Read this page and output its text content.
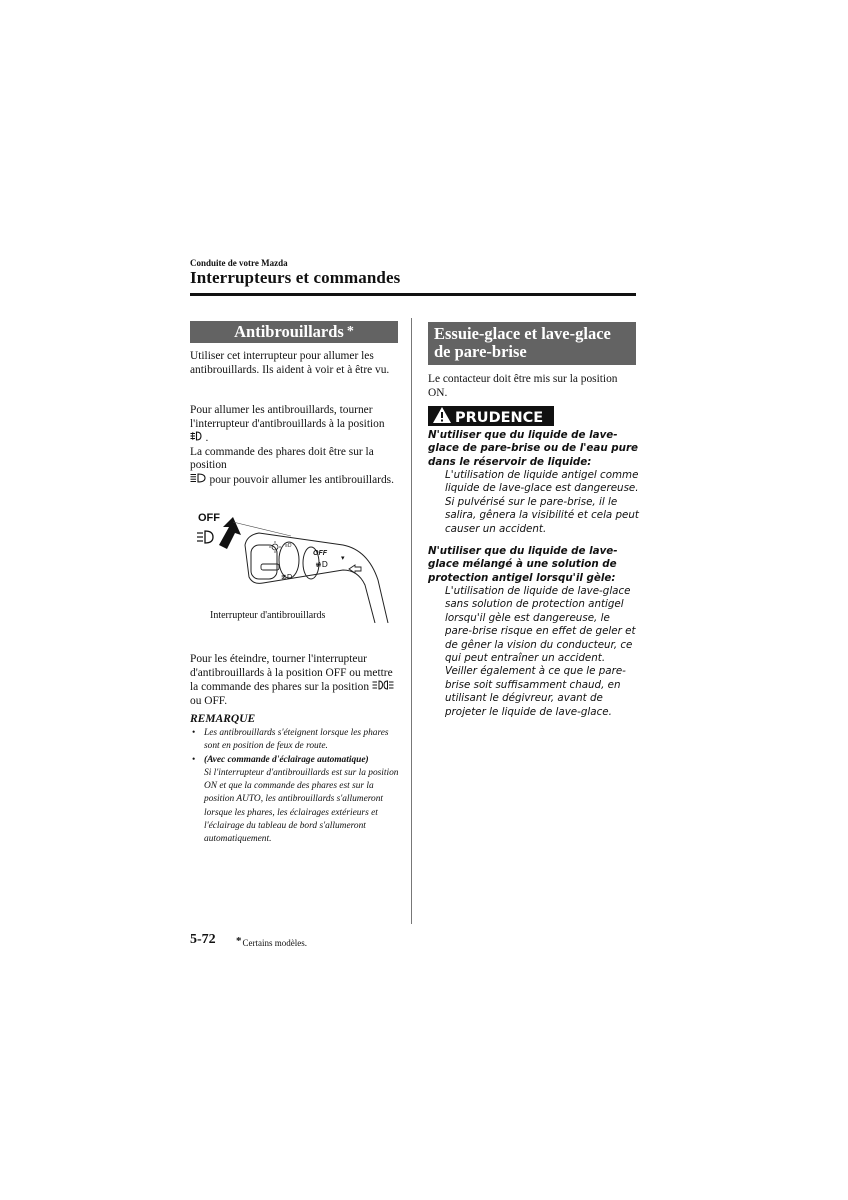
Conduite de votre Mazda
Interrupteurs et commandes
Antibrouillards *
Utiliser cet interrupteur pour allumer les antibrouillards. Ils aident à voir et à être vu.
Pour allumer les antibrouillards, tourner l'interrupteur d'antibrouillards à la position
.
La commande des phares doit être sur la position
pour pouvoir allumer les antibrouillards.
OFF
≡D
OFF
≢D
≢D
▾
Interrupteur d'antibrouillards
Pour les éteindre, tourner l'interrupteur d'antibrouillards à la position OFF ou mettre la commande des phares sur la position  ou OFF.
REMARQUE
• Les antibrouillards s'éteignent lorsque les phares sont en position de feux de route.
• (Avec commande d'éclairage automatique)
Si l'interrupteur d'antibrouillards est sur la position ON et que la commande des phares est sur la position AUTO, les antibrouillards s'allumeront lorsque les phares, les éclairages extérieurs et l'éclairage du tableau de bord s'allumeront automatiquement.
Essuie-glace et lave-glace de pare-brise
Le contacteur doit être mis sur la position ON.
PRUDENCE
N'utiliser que du liquide de lave-glace de pare-brise ou de l'eau pure dans le réservoir de liquide:
L'utilisation de liquide antigel comme liquide de lave-glace est dangereuse. Si pulvérisé sur le pare-brise, il le salira, gênera la visibilité et cela peut causer un accident.
N'utiliser que du liquide de lave-glace mélangé à une solution de protection antigel lorsqu'il gèle:
L'utilisation de liquide de lave-glace sans solution de protection antigel lorsqu'il gèle est dangereuse, le pare-brise risque en effet de geler et de gêner la vision du conducteur, ce qui peut entraîner un accident.
Veiller également à ce que le pare-brise soit suffisamment chaud, en utilisant le dégivreur, avant de projeter le liquide de lave-glace.
5-72 *Certains modèles.
